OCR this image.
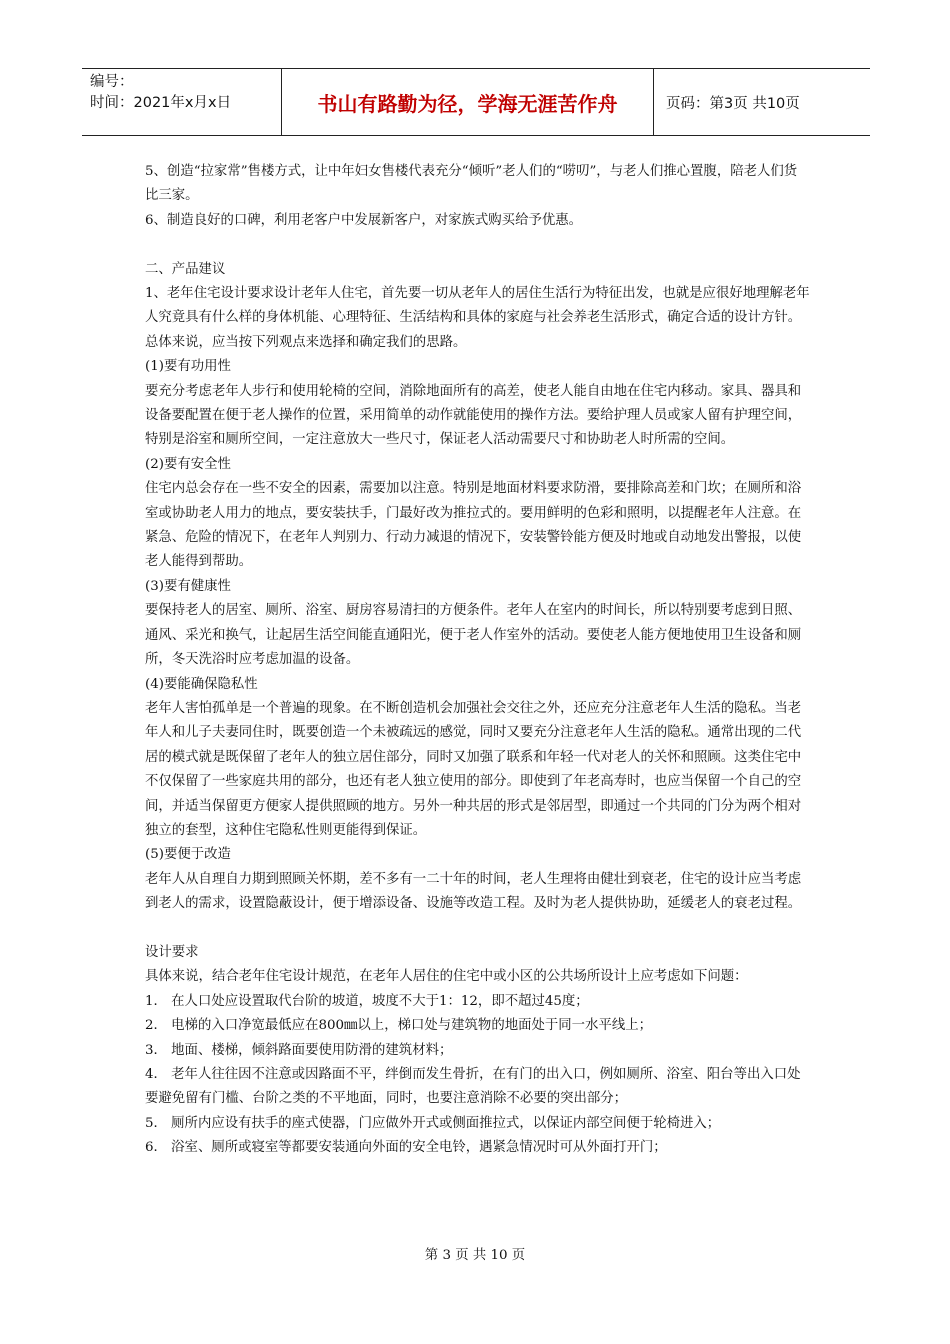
编号：
时间：2021年x月x日	书山有路勤为径，学海无涯苦作舟	页码：第3页 共10页

5、创造“拉家常”售楼方式，让中年妇女售楼代表充分“倾听”老人们的“唠叨”，与老人们推心置腹，陪老人们货比三家。

6、制造良好的口碑，利用老客户中发展新客户，对家族式购买给予优惠。

二、产品建议

1、老年住宅设计要求设计老年人住宅，首先要一切从老年人的居住生活行为特征出发，也就是应很好地理解老年人究竟具有什么样的身体机能、心理特征、生活结构和具体的家庭与社会养老生活形式，确定合适的设计方针。总体来说，应当按下列观点来选择和确定我们的思路。

(1)要有功用性

要充分考虑老年人步行和使用轮椅的空间，消除地面所有的高差，使老人能自由地在住宅内移动。家具、器具和设备要配置在便于老人操作的位置，采用简单的动作就能使用的操作方法。要给护理人员或家人留有护理空间，特别是浴室和厕所空间，一定注意放大一些尺寸，保证老人活动需要尺寸和协助老人时所需的空间。

(2)要有安全性

住宅内总会存在一些不安全的因素，需要加以注意。特别是地面材料要求防滑，要排除高差和门坎；在厕所和浴室或协助老人用力的地点，要安装扶手，门最好改为推拉式的。要用鲜明的色彩和照明，以提醒老年人注意。在紧急、危险的情况下，在老年人判别力、行动力减退的情况下，安装警铃能方便及时地或自动地发出警报，以使老人能得到帮助。

(3)要有健康性

要保持老人的居室、厕所、浴室、厨房容易清扫的方便条件。老年人在室内的时间长，所以特别要考虑到日照、通风、采光和换气，让起居生活空间能直通阳光，便于老人作室外的活动。要使老人能方便地使用卫生设备和厕所，冬天洗浴时应考虑加温的设备。

(4)要能确保隐私性

老年人害怕孤单是一个普遍的现象。在不断创造机会加强社会交往之外，还应充分注意老年人生活的隐私。当老年人和儿子夫妻同住时，既要创造一个未被疏远的感觉，同时又要充分注意老年人生活的隐私。通常出现的二代居的模式就是既保留了老年人的独立居住部分，同时又加强了联系和年轻一代对老人的关怀和照顾。这类住宅中不仅保留了一些家庭共用的部分，也还有老人独立使用的部分。即使到了年老高寿时，也应当保留一个自己的空间，并适当保留更方便家人提供照顾的地方。另外一种共居的形式是邻居型，即通过一个共同的门分为两个相对独立的套型，这种住宅隐私性则更能得到保证。

(5)要便于改造

老年人从自理自力期到照顾关怀期，差不多有一二十年的时间，老人生理将由健壮到衰老，住宅的设计应当考虑到老人的需求，设置隐蔽设计，便于增添设备、设施等改造工程。及时为老人提供协助，延缓老人的衰老过程。

设计要求

具体来说，结合老年住宅设计规范，在老年人居住的住宅中或小区的公共场所设计上应考虑如下问题：

1． 在人口处应设置取代台阶的坡道，坡度不大于1：12，即不超过45度；

2． 电梯的入口净宽最低应在800㎜以上，梯口处与建筑物的地面处于同一水平线上；

3． 地面、楼梯，倾斜路面要使用防滑的建筑材料；

4． 老年人往往因不注意或因路面不平，绊倒而发生骨折，在有门的出入口，例如厕所、浴室、阳台等出入口处要避免留有门槛、台阶之类的不平地面，同时，也要注意消除不必要的突出部分；

5． 厕所内应设有扶手的座式使器，门应做外开式或侧面推拉式，以保证内部空间便于轮椅进入；

6． 浴室、厕所或寝室等都要安装通向外面的安全电铃，遇紧急情况时可从外面打开门；

第 3 页 共 10 页
